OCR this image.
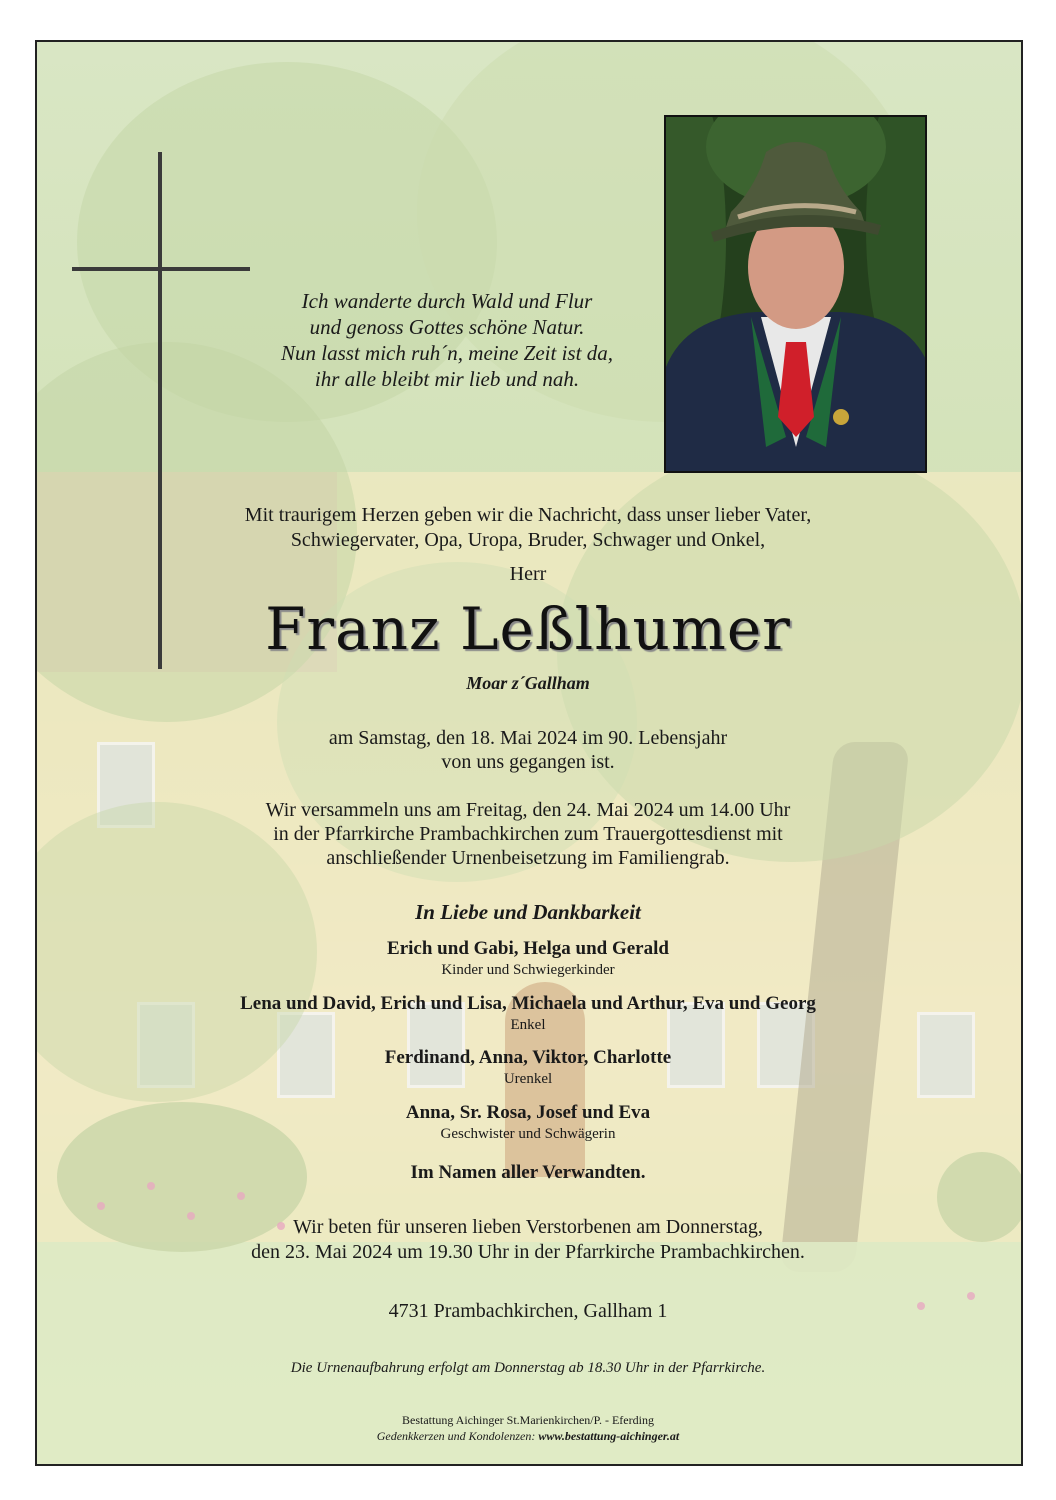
Ich wanderte durch Wald und Flur
und genoss Gottes schöne Natur.
Nun lasst mich ruh´n, meine Zeit ist da,
ihr alle bleibt mir lieb und nah.
Mit traurigem Herzen geben wir die Nachricht, dass unser lieber Vater,
Schwiegervater, Opa, Uropa, Bruder, Schwager und Onkel,
Herr
Franz Leßlhumer
Moar z´Gallham
am Samstag, den 18. Mai 2024 im 90. Lebensjahr
von uns gegangen ist.
Wir versammeln uns am Freitag, den 24. Mai 2024 um 14.00 Uhr
in der Pfarrkirche Prambachkirchen zum Trauergottesdienst mit
anschließender Urnenbeisetzung im Familiengrab.
In Liebe und Dankbarkeit
Erich und Gabi, Helga und Gerald
Kinder und Schwiegerkinder
Lena und David, Erich und Lisa, Michaela und Arthur, Eva und Georg
Enkel
Ferdinand, Anna, Viktor, Charlotte
Urenkel
Anna, Sr. Rosa, Josef und Eva
Geschwister und Schwägerin
Im Namen aller Verwandten.
Wir beten für unseren lieben Verstorbenen am Donnerstag,
den 23. Mai 2024 um 19.30 Uhr in der Pfarrkirche Prambachkirchen.
4731 Prambachkirchen, Gallham 1
Die Urnenaufbahrung erfolgt am Donnerstag ab 18.30 Uhr in der Pfarrkirche.
Bestattung Aichinger St.Marienkirchen/P. - Eferding
Gedenkkerzen und Kondolenzen: www.bestattung-aichinger.at
